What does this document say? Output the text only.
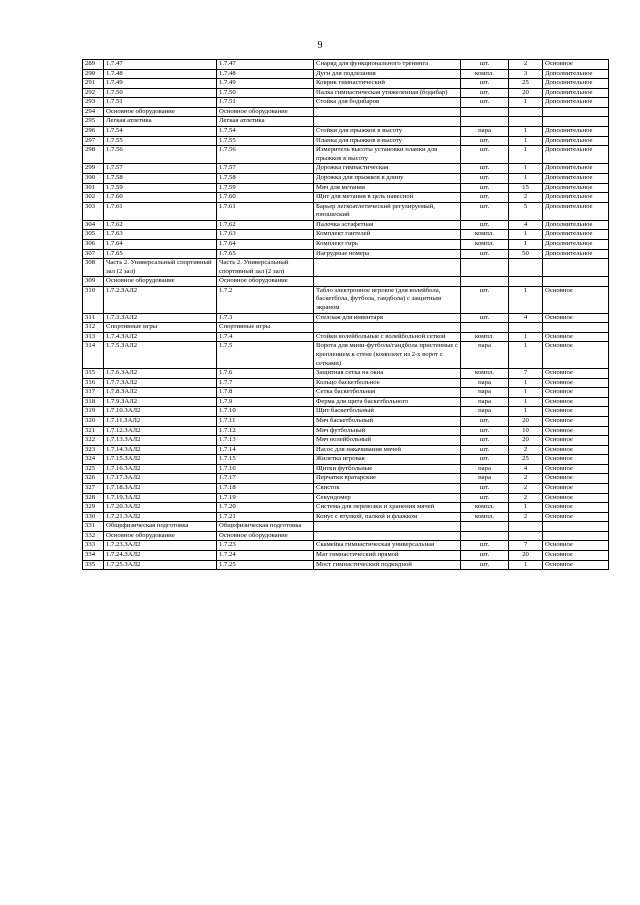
9
289	1.7.47	1.7.47	Снаряд для функционального тренинга	шт.	2	Основное
290	1.7.48	1.7.48	Дуги для подлезания	компл.	3	Дополнительное
291	1.7.49	1.7.49	Коврик гимнастический	шт.	25	Дополнительное
292	1.7.50	1.7.50	Палка гимнастическая утяжеленная (бодибар)	шт.	20	Дополнительное
293	1.7.51	1.7.51	Стойка для бодибаров	шт.	1	Дополнительное
294	Основное оборудование	Основное оборудование				
295	Легкая атлетика	Легкая атлетика				
296	1.7.54	1.7.54	Стойки для прыжков в высоту	пара	1	Дополнительное
297	1.7.55	1.7.55	Планка для прыжков в высоту	шт.	1	Дополнительное
298	1.7.56	1.7.56	Измеритель высоты установки планки для прыжков в высоту	шт.	1	Дополнительное
299	1.7.57	1.7.57	Дорожка гимнастическая	шт.	1	Дополнительное
300	1.7.58	1.7.58	Дорожка для прыжков в длину	шт.	1	Дополнительное
301	1.7.59	1.7.59	Мяч для метания	шт.	15	Дополнительное
302	1.7.60	1.7.60	Щит для метания в цель навесной	шт.	2	Дополнительное
303	1.7.61	1.7.61	Барьер легкоатлетический регулируемый, юношеский	шт.	5	Дополнительное
304	1.7.62	1.7.62	Палочка эстафетная	шт.	4	Дополнительное
305	1.7.63	1.7.63	Комплект гантелей	компл.	1	Дополнительное
306	1.7.64	1.7.64	Комплект гирь	компл.	1	Дополнительное
307	1.7.65	1.7.65	Нагрудные номера	шт.	50	Дополнительное
308	Часть 2. Универсальный спортивный зал (2 зал)	Часть 2. Универсальный спортивный зал (2 зал)				
309	Основное оборудование	Основное оборудование				
310	1.7.2.ЗАЛ2	1.7.2	Табло электронное игровое (для волейбола, баскетбола, футбола, гандбола) с защитным экраном	шт.	1	Основное
311	1.7.3.ЗАЛ2	1.7.3	Стеллаж для инвентаря	шт.	4	Основное
312	Спортивные игры	Спортивные игры				
313	1.7.4.ЗАЛ2	1.7.4	Стойки волейбольные с волейбольной сеткой	компл.	1	Основное
314	1.7.5.ЗАЛ2	1.7.5	Ворота для мини-футбола/гандбола пристенные с креплением к стене (комплект из 2-х ворот с сетками)	пара	1	Основное
315	1.7.6.ЗАЛ2	1.7.6	Защитная сетка на окна	компл.	7	Основное
316	1.7.7.ЗАЛ2	1.7.7	Кольцо баскетбольное	пара	1	Основное
317	1.7.8.ЗАЛ2	1.7.8	Сетка баскетбольная	пара	1	Основное
318	1.7.9.ЗАЛ2	1.7.9	Ферма для щита баскетбольного	пара	1	Основное
319	1.7.10.ЗАЛ2	1.7.10	Щит баскетбольный	пара	1	Основное
320	1.7.11.ЗАЛ2	1.7.11	Мяч баскетбольный	шт.	20	Основное
321	1.7.12.ЗАЛ2	1.7.12	Мяч футбольный	шт.	10	Основное
322	1.7.13.ЗАЛ2	1.7.13	Мяч волейбольный	шт.	20	Основное
323	1.7.14.ЗАЛ2	1.7.14	Насос для накачивания мячей	шт.	2	Основное
324	1.7.15.ЗАЛ2	1.7.15	Жилетка игровая	шт.	25	Основное
325	1.7.16.ЗАЛ2	1.7.16	Щитки футбольные	пара	4	Основное
326	1.7.17.ЗАЛ2	1.7.17	Перчатки вратарские	пара	2	Основное
327	1.7.18.ЗАЛ2	1.7.18	Свисток	шт.	2	Основное
328	1.7.19.ЗАЛ2	1.7.19	Секундомер	шт.	2	Основное
329	1.7.20.ЗАЛ2	1.7.20	Система для перевозки и хранения мячей	компл.	1	Основное
330	1.7.21.ЗАЛ2	1.7.21	Конус с втулкой, палкой и флажком	компл.	2	Основное
331	Общефизическая подготовка	Общефизическая подготовка				
332	Основное оборудование	Основное оборудование				
333	1.7.23.ЗАЛ2	1.7.23	Скамейка гимнастическая универсальная	шт.	7	Основное
334	1.7.24.ЗАЛ2	1.7.24	Мат гимнастический прямой	шт.	20	Основное
335	1.7.25.ЗАЛ2	1.7.25	Мост гимнастический подкидной	шт.	1	Основное
